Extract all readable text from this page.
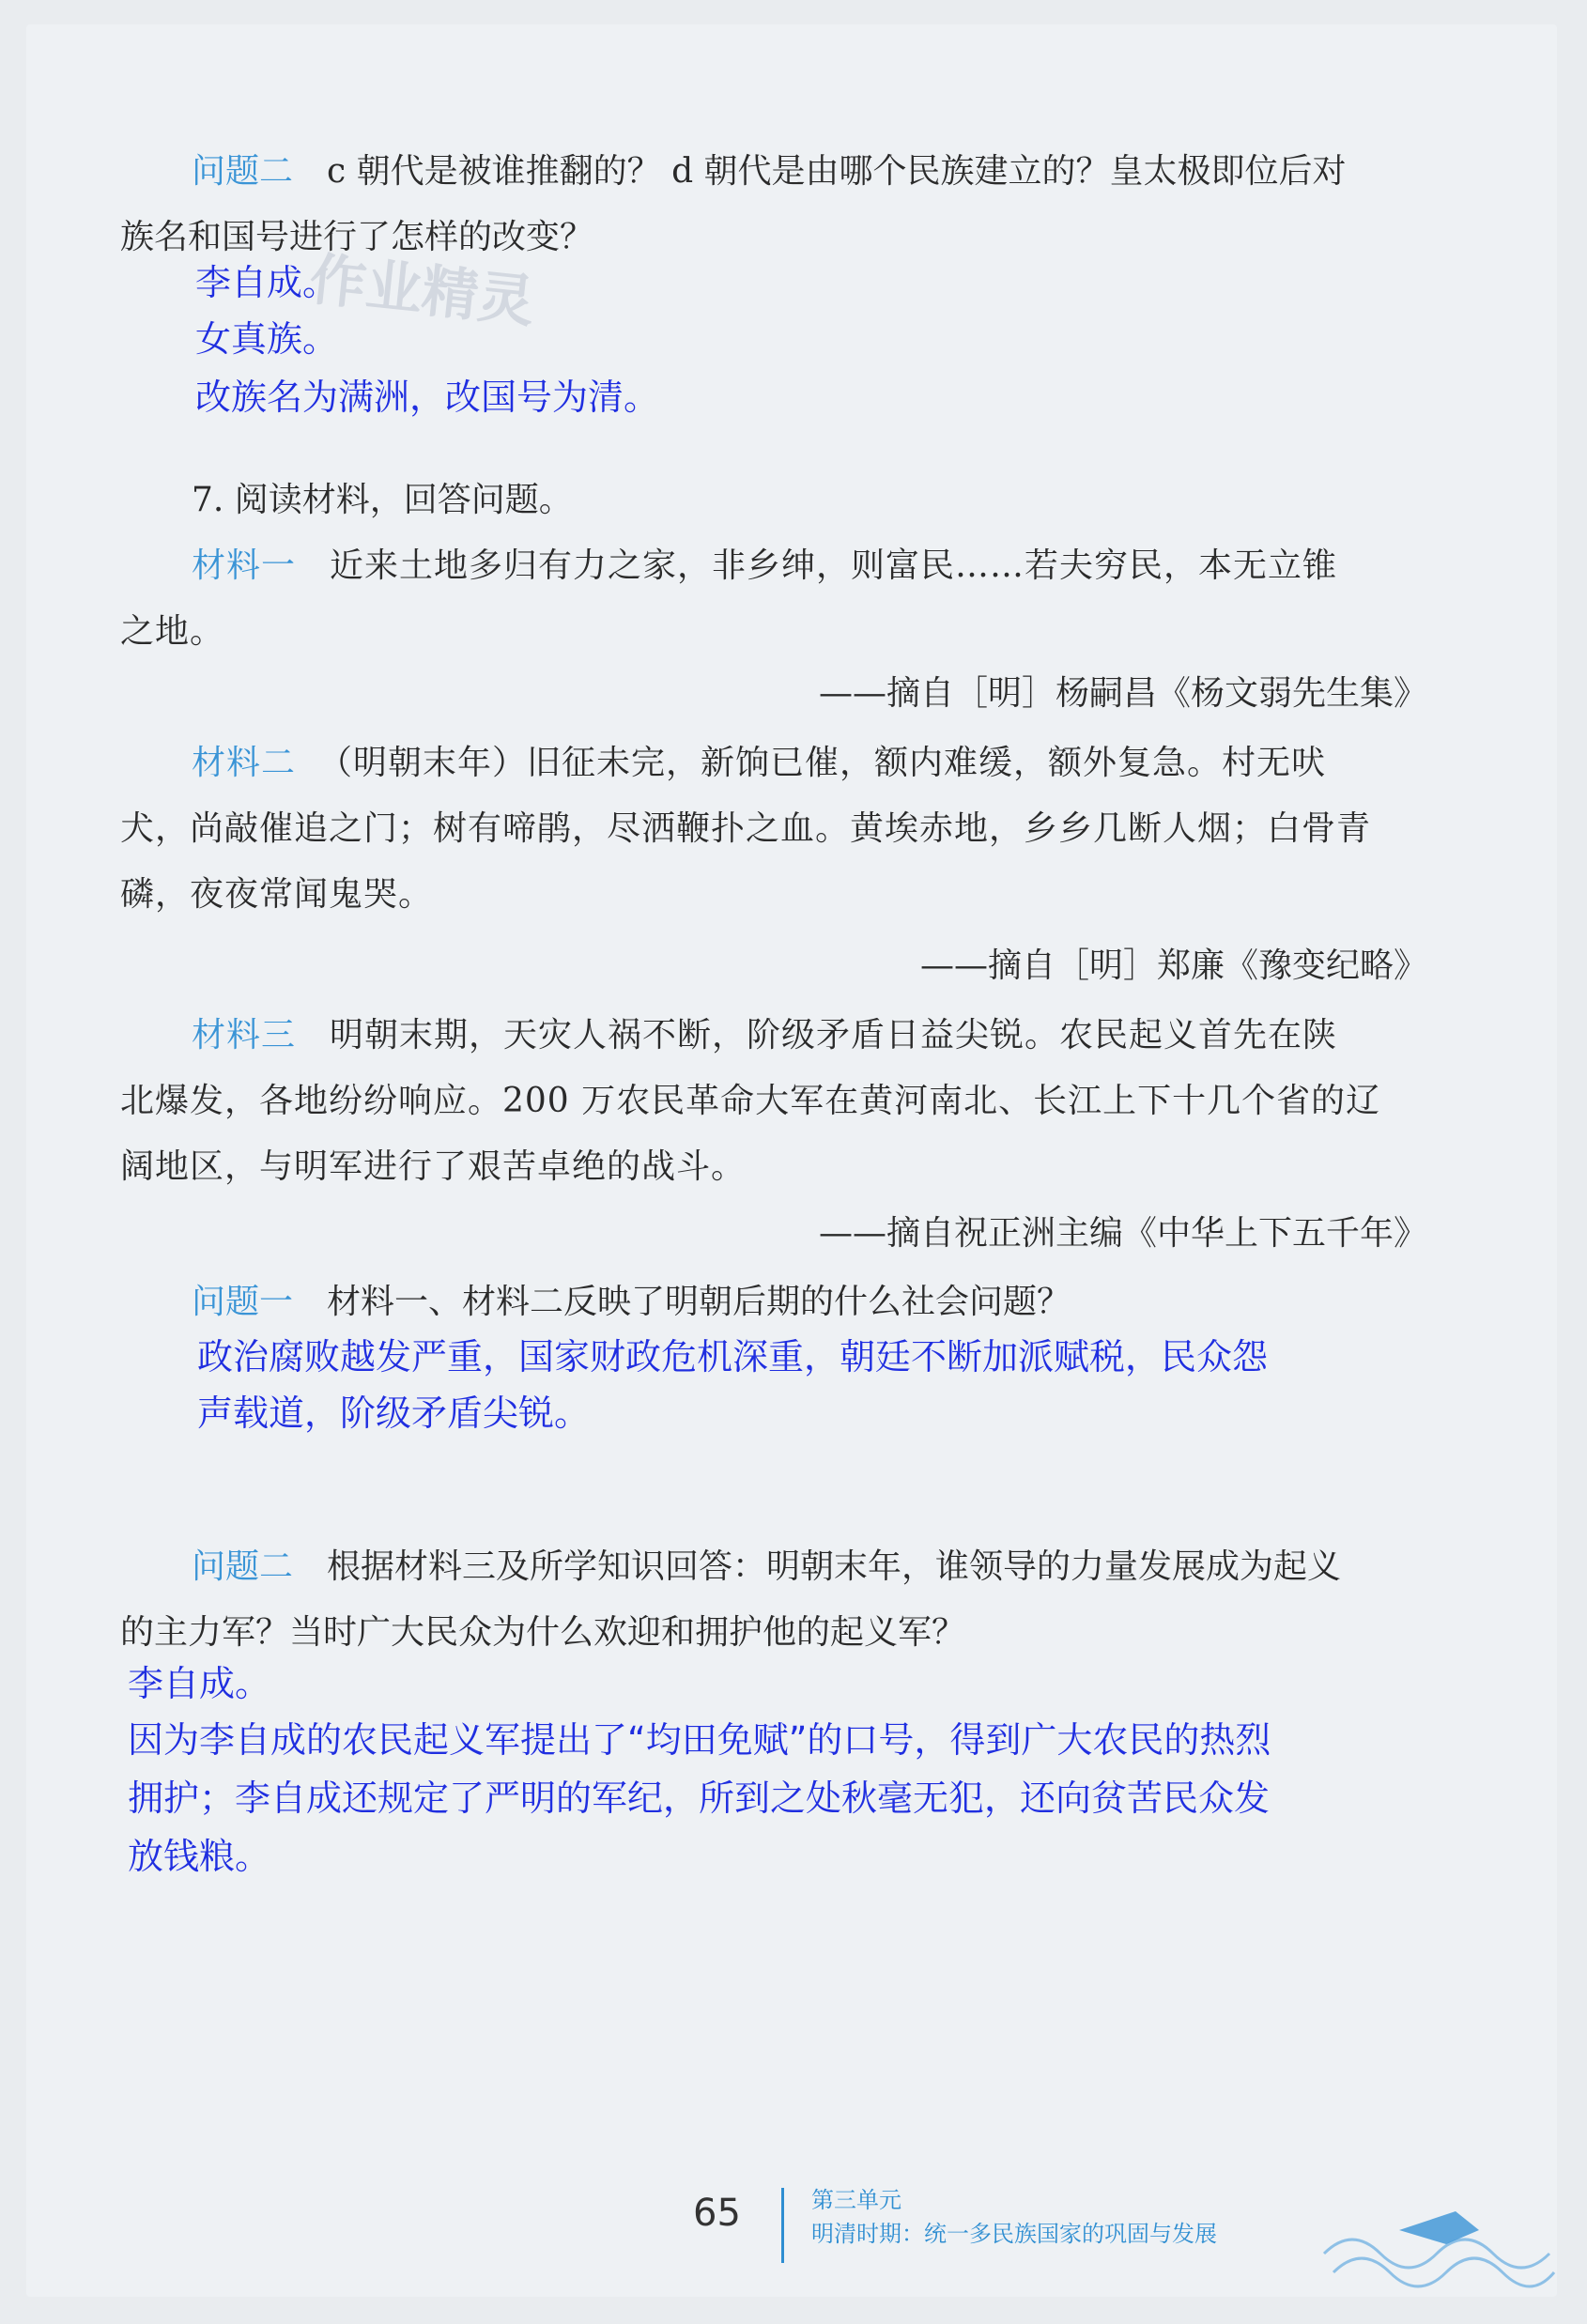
问题二 c 朝代是被谁推翻的？ d 朝代是由哪个民族建立的？皇太极即位后对
族名和国号进行了怎样的改变？
李自成。
女真族。
改族名为满洲，改国号为清。
作业精灵
7. 阅读材料，回答问题。
材料一 近来土地多归有力之家，非乡绅，则富民……若夫穷民，本无立锥
之地。
——摘自［明］杨嗣昌《杨文弱先生集》
材料二 （明朝末年）旧征未完，新饷已催，额内难缓，额外复急。村无吠
犬，尚敲催追之门；树有啼鹃，尽洒鞭扑之血。黄埃赤地，乡乡几断人烟；白骨青
磷，夜夜常闻鬼哭。
——摘自［明］郑廉《豫变纪略》
材料三 明朝末期，天灾人祸不断，阶级矛盾日益尖锐。农民起义首先在陕
北爆发，各地纷纷响应。200 万农民革命大军在黄河南北、长江上下十几个省的辽
阔地区，与明军进行了艰苦卓绝的战斗。
——摘自祝正洲主编《中华上下五千年》
问题一 材料一、材料二反映了明朝后期的什么社会问题？
政治腐败越发严重，国家财政危机深重，朝廷不断加派赋税，民众怨
声载道，阶级矛盾尖锐。
问题二 根据材料三及所学知识回答：明朝末年，谁领导的力量发展成为起义
的主力军？当时广大民众为什么欢迎和拥护他的起义军？
李自成。
因为李自成的农民起义军提出了“均田免赋”的口号，得到广大农民的热烈
拥护；李自成还规定了严明的军纪，所到之处秋毫无犯，还向贫苦民众发
放钱粮。
65	第三单元
明清时期：统一多民族国家的巩固与发展
